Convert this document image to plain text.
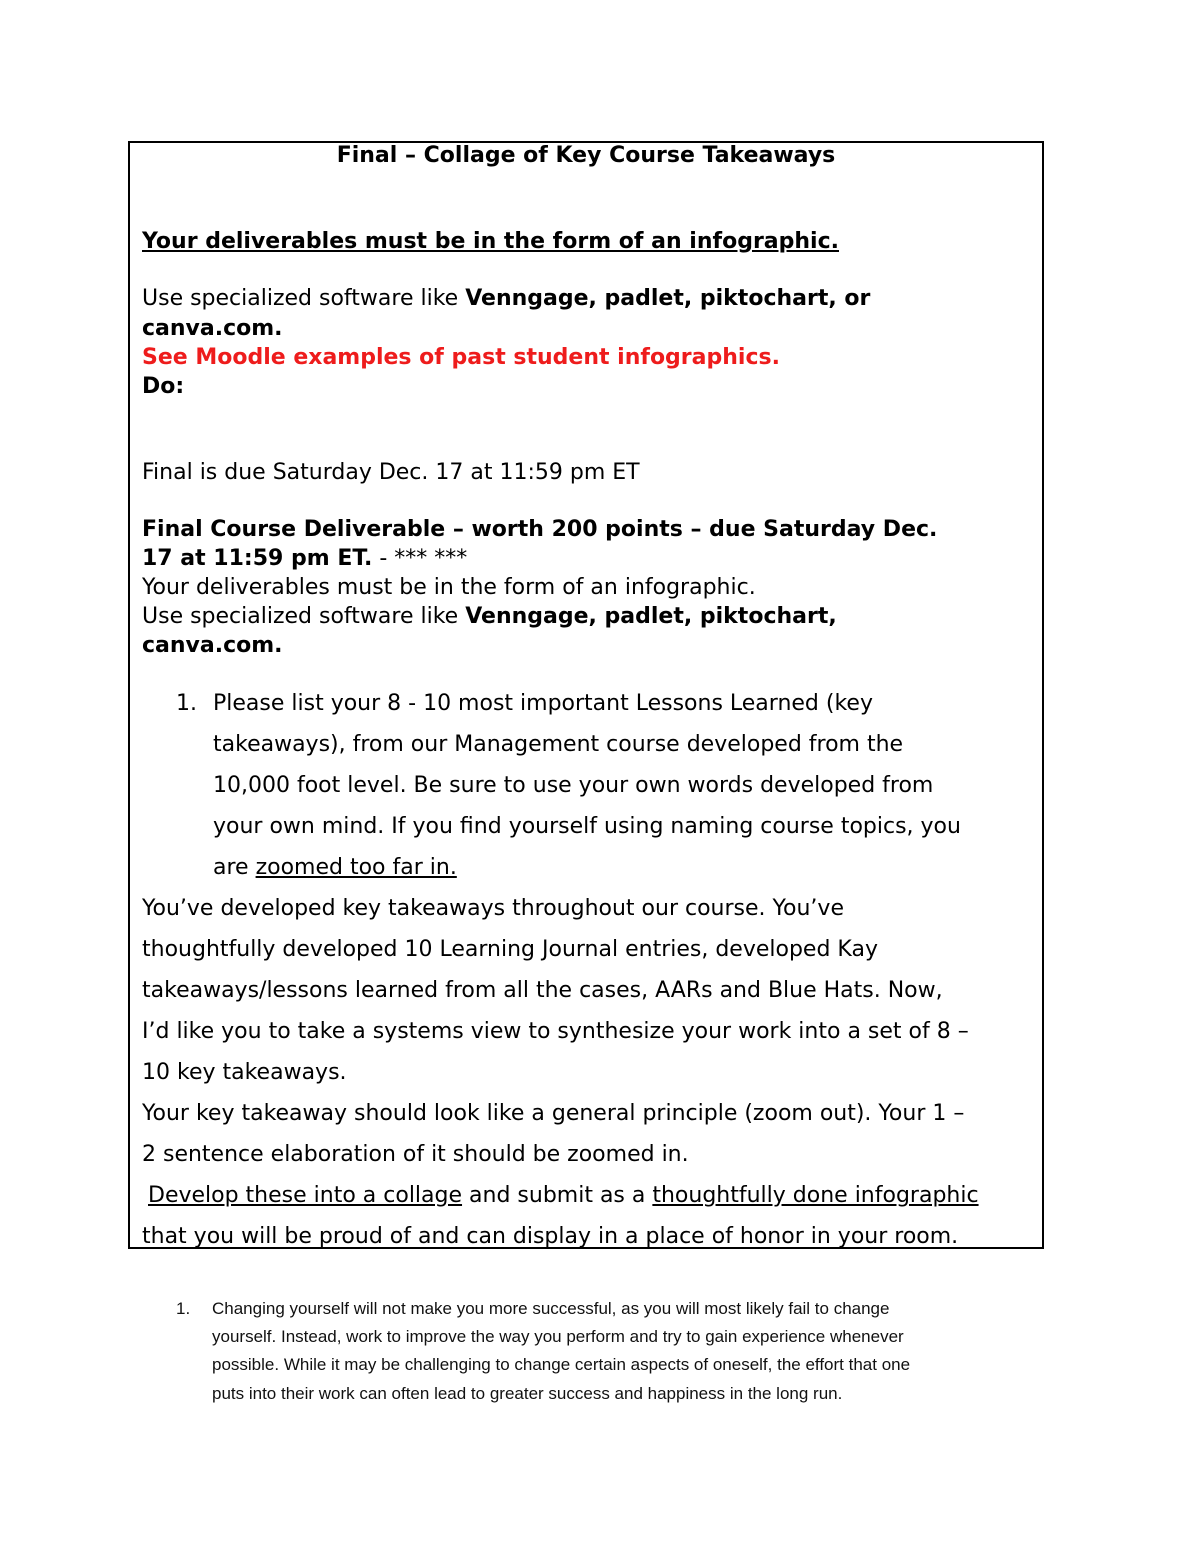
Final – Collage of Key Course Takeaways

Your deliverables must be in the form of an infographic.

Use specialized software like Venngage, padlet, piktochart, or

canva.com.

See Moodle examples of past student infographics.

Do:

Final is due Saturday Dec. 17 at 11:59 pm ET

Final Course Deliverable – worth 200 points – due Saturday Dec.

17 at 11:59 pm ET. - *** ***

Your deliverables must be in the form of an infographic.

Use specialized software like Venngage, padlet, piktochart,

canva.com.

1. Please list your 8 - 10 most important Lessons Learned (key

takeaways), from our Management course developed from the

10,000 foot level. Be sure to use your own words developed from

your own mind. If you find yourself using naming course topics, you

are zoomed too far in.

You’ve developed key takeaways throughout our course. You’ve

thoughtfully developed 10 Learning Journal entries, developed Kay

takeaways/lessons learned from all the cases, AARs and Blue Hats. Now,

I’d like you to take a systems view to synthesize your work into a set of 8 –

10 key takeaways.

Your key takeaway should look like a general principle (zoom out). Your 1 –

2 sentence elaboration of it should be zoomed in.

Develop these into a collage and submit as a thoughtfully done infographic

that you will be proud of and can display in a place of honor in your room.

1. Changing yourself will not make you more successful, as you will most likely fail to change

yourself. Instead, work to improve the way you perform and try to gain experience whenever

possible. While it may be challenging to change certain aspects of oneself, the effort that one

puts into their work can often lead to greater success and happiness in the long run.
